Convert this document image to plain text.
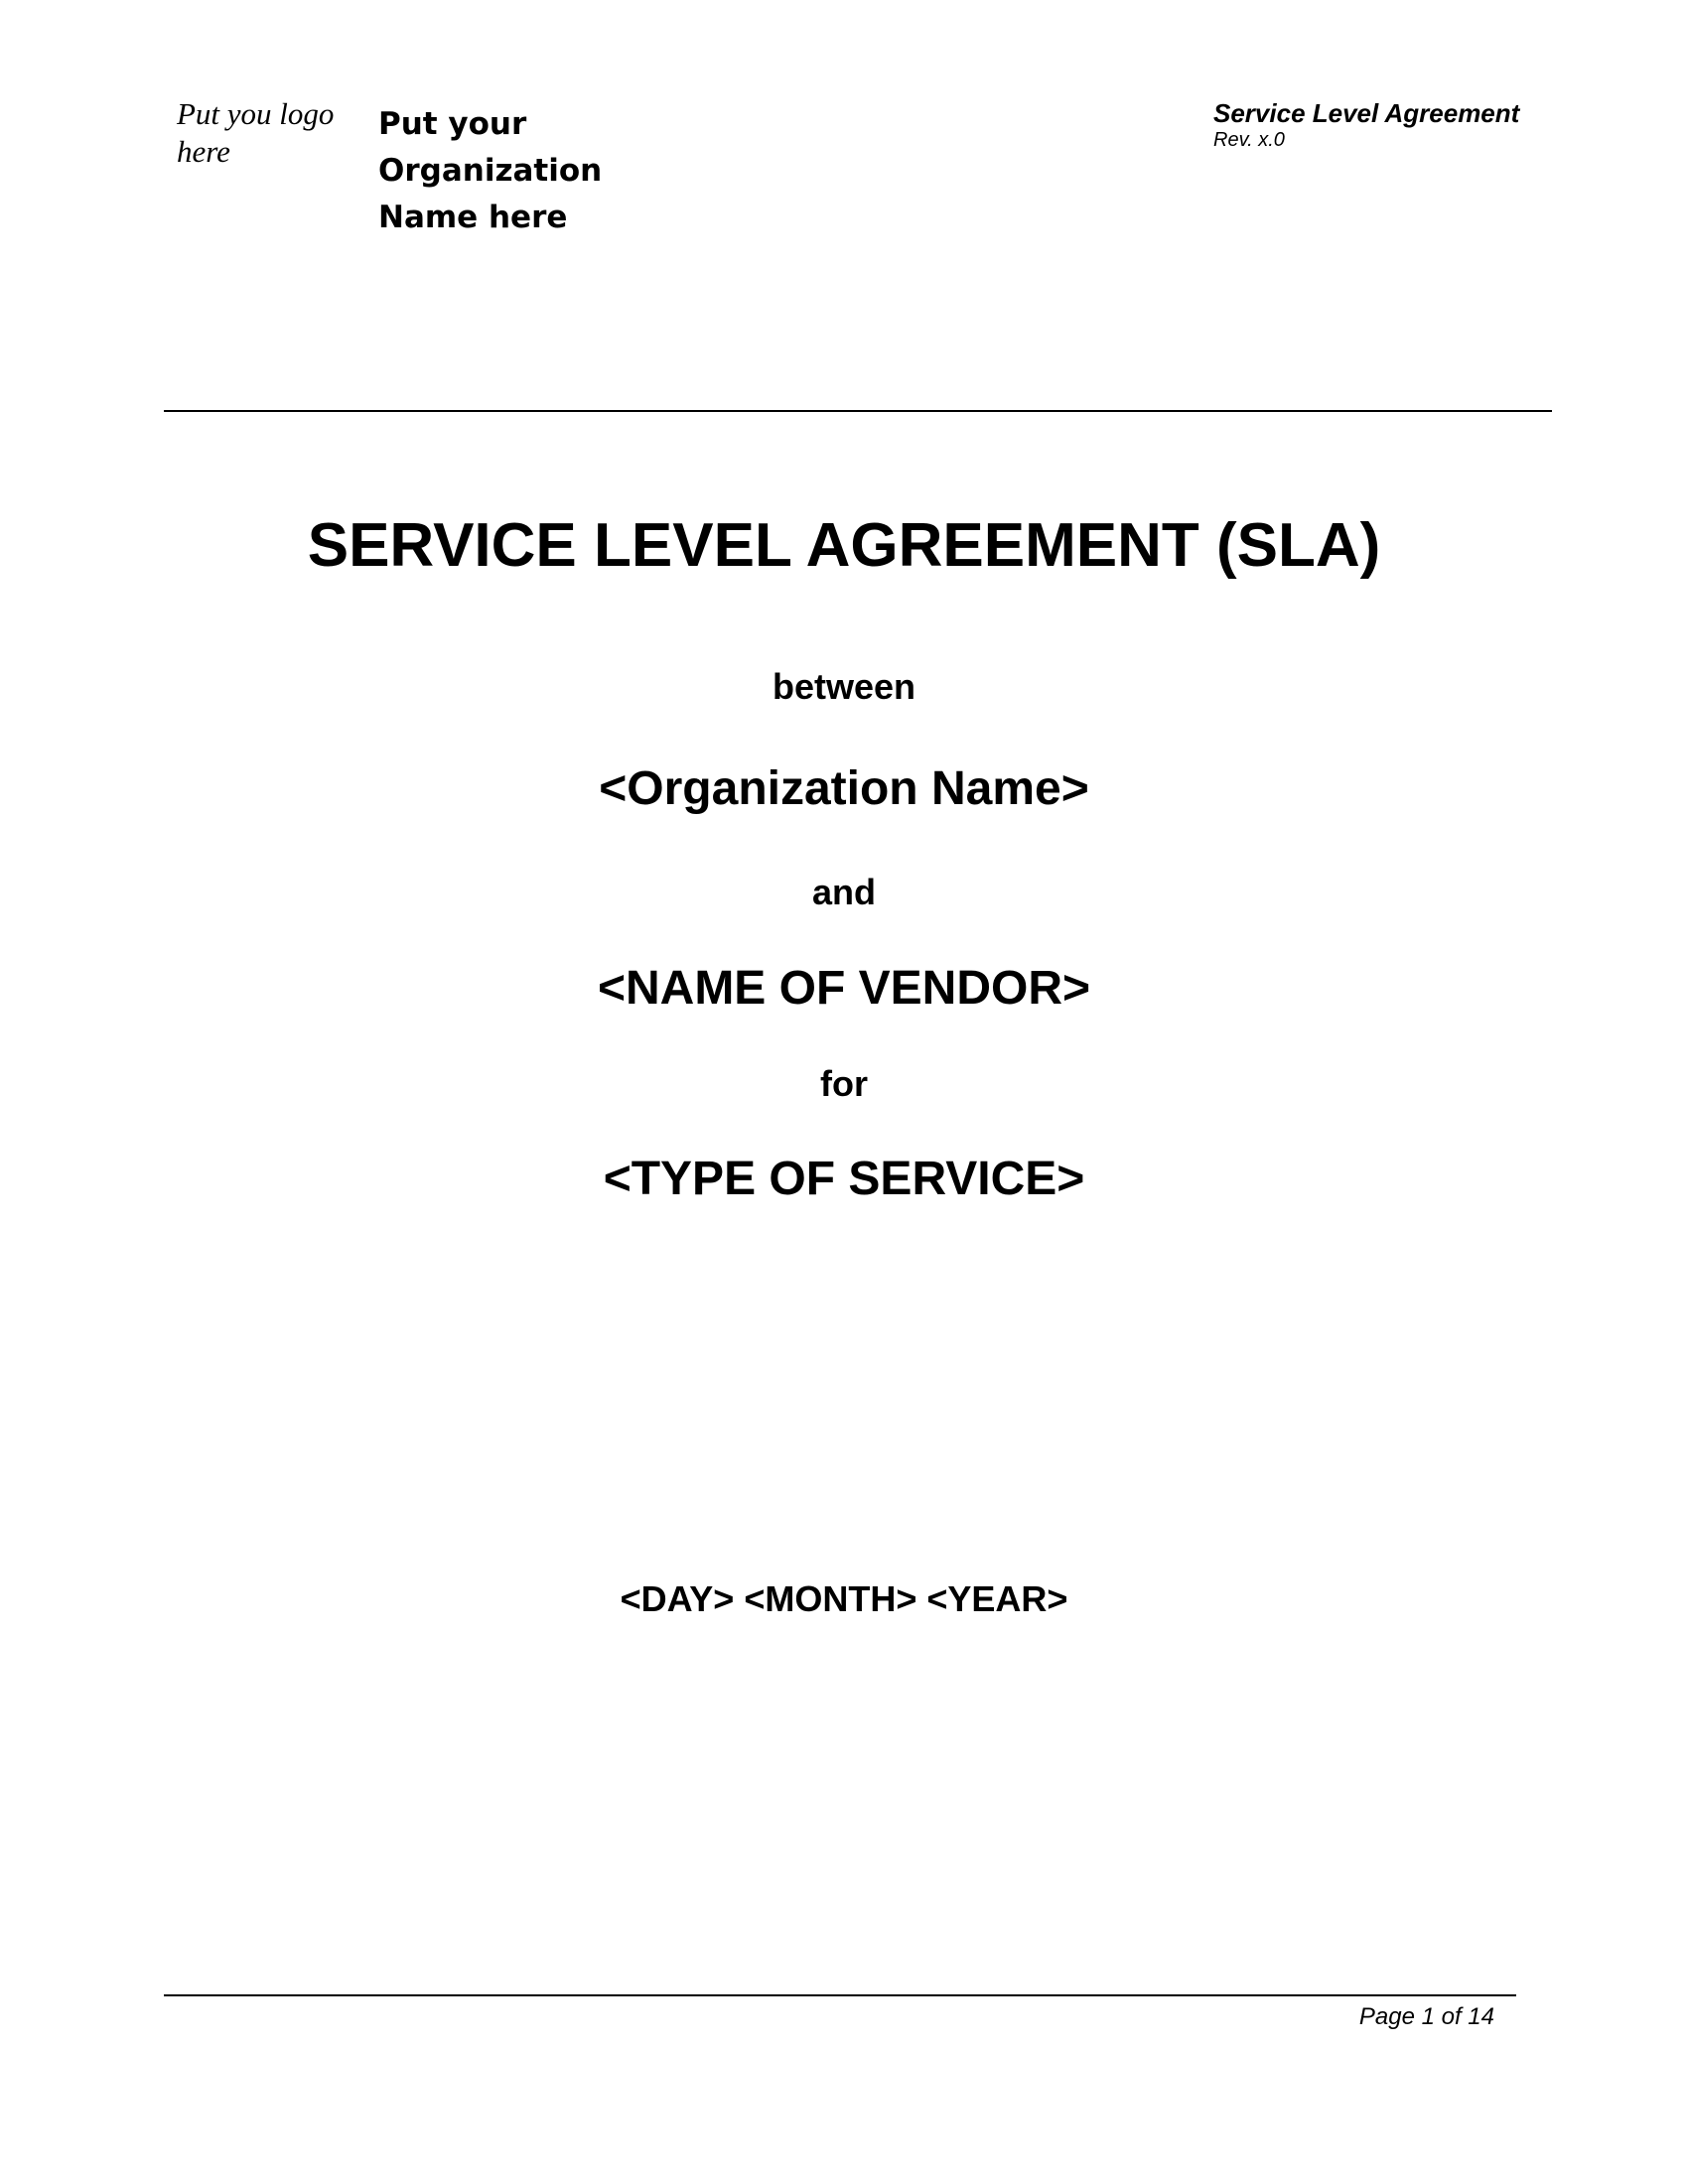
Put you logo here
Put your Organization Name here
Service Level Agreement
Rev. x.0
SERVICE LEVEL AGREEMENT (SLA)
between
<Organization Name>
and
<NAME OF VENDOR>
for
<TYPE OF SERVICE>
<DAY> <MONTH> <YEAR>
Page 1 of 14
